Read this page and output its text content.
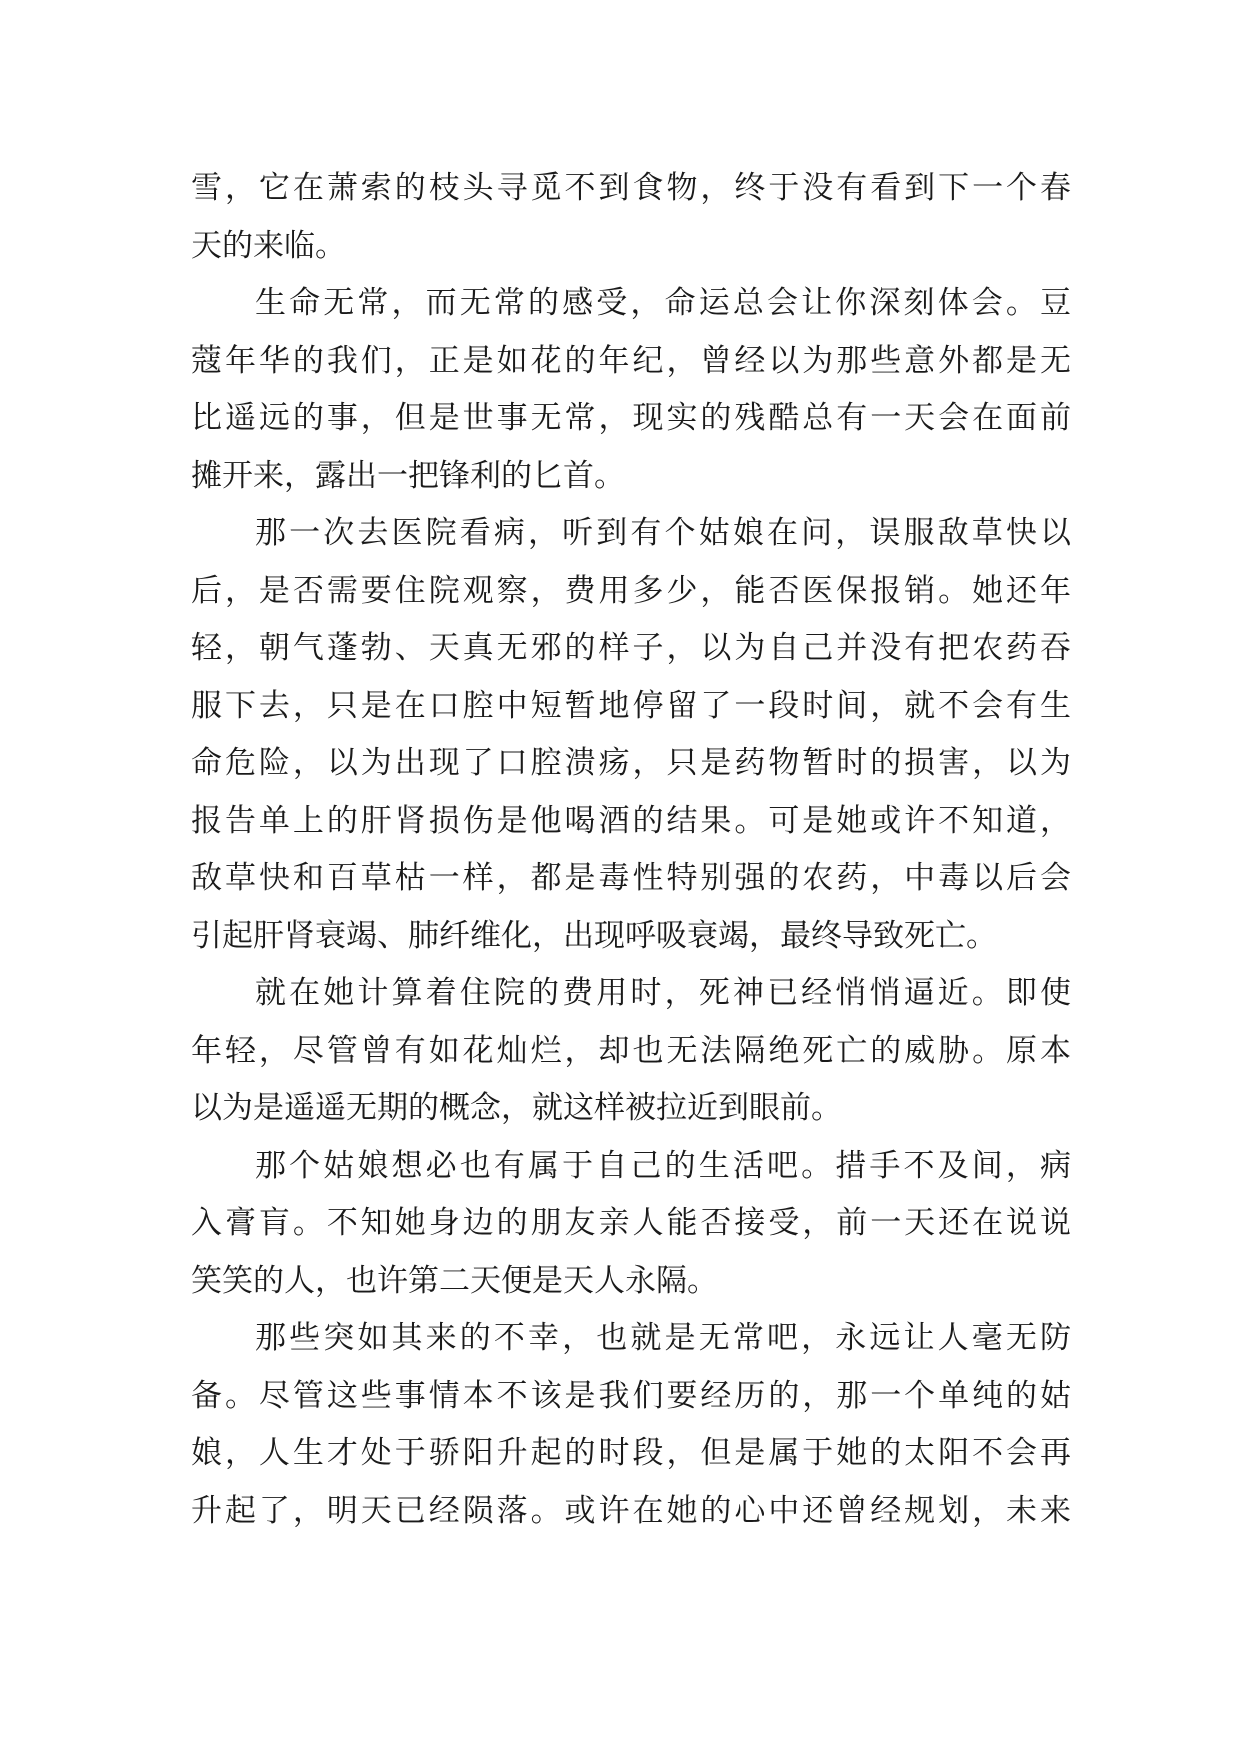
雪，它在萧索的枝头寻觅不到食物，终于没有看到下一个春
天的来临。
生命无常，而无常的感受，命运总会让你深刻体会。豆
蔻年华的我们，正是如花的年纪，曾经以为那些意外都是无
比遥远的事，但是世事无常，现实的残酷总有一天会在面前
摊开来，露出一把锋利的匕首。
那一次去医院看病，听到有个姑娘在问，误服敌草快以
后，是否需要住院观察，费用多少，能否医保报销。她还年
轻，朝气蓬勃、天真无邪的样子，以为自己并没有把农药吞
服下去，只是在口腔中短暂地停留了一段时间，就不会有生
命危险，以为出现了口腔溃疡，只是药物暂时的损害，以为
报告单上的肝肾损伤是他喝酒的结果。可是她或许不知道，
敌草快和百草枯一样，都是毒性特别强的农药，中毒以后会
引起肝肾衰竭、肺纤维化，出现呼吸衰竭，最终导致死亡。
就在她计算着住院的费用时，死神已经悄悄逼近。即使
年轻，尽管曾有如花灿烂，却也无法隔绝死亡的威胁。原本
以为是遥遥无期的概念，就这样被拉近到眼前。
那个姑娘想必也有属于自己的生活吧。措手不及间，病
入膏肓。不知她身边的朋友亲人能否接受，前一天还在说说
笑笑的人，也许第二天便是天人永隔。
那些突如其来的不幸，也就是无常吧，永远让人毫无防
备。尽管这些事情本不该是我们要经历的，那一个单纯的姑
娘，人生才处于骄阳升起的时段，但是属于她的太阳不会再
升起了，明天已经陨落。或许在她的心中还曾经规划，未来
